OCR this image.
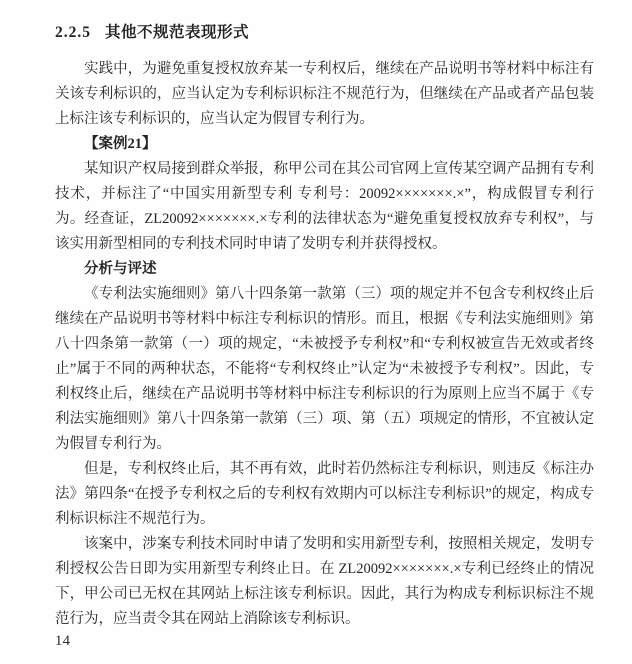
2.2.5 其他不规范表现形式

实践中，为避免重复授权放弃某一专利权后，继续在产品说明书等材料中标注有关该专利标识的，应当认定为专利标识标注不规范行为，但继续在产品或者产品包装上标注该专利标识的，应当认定为假冒专利行为。

【案例21】

某知识产权局接到群众举报，称甲公司在其公司官网上宣传某空调产品拥有专利技术，并标注了“中国实用新型专利 专利号：20092×××××××.×”，构成假冒专利行为。经查证，ZL20092×××××××.×专利的法律状态为“避免重复授权放弃专利权”，与该实用新型相同的专利技术同时申请了发明专利并获得授权。

分析与评述

《专利法实施细则》第八十四条第一款第（三）项的规定并不包含专利权终止后继续在产品说明书等材料中标注专利标识的情形。而且，根据《专利法实施细则》第八十四条第一款第（一）项的规定，“未被授予专利权”和“专利权被宣告无效或者终止”属于不同的两种状态，不能将“专利权终止”认定为“未被授予专利权”。因此，专利权终止后，继续在产品说明书等材料中标注专利标识的行为原则上应当不属于《专利法实施细则》第八十四条第一款第（三）项、第（五）项规定的情形，不宜被认定为假冒专利行为。

但是，专利权终止后，其不再有效，此时若仍然标注专利标识，则违反《标注办法》第四条“在授予专利权之后的专利权有效期内可以标注专利标识”的规定，构成专利标识标注不规范行为。

该案中，涉案专利技术同时申请了发明和实用新型专利，按照相关规定，发明专利授权公告日即为实用新型专利终止日。在 ZL20092×××××××.×专利已经终止的情况下，甲公司已无权在其网站上标注该专利标识。因此，其行为构成专利标识标注不规范行为，应当责令其在网站上消除该专利标识。

14
